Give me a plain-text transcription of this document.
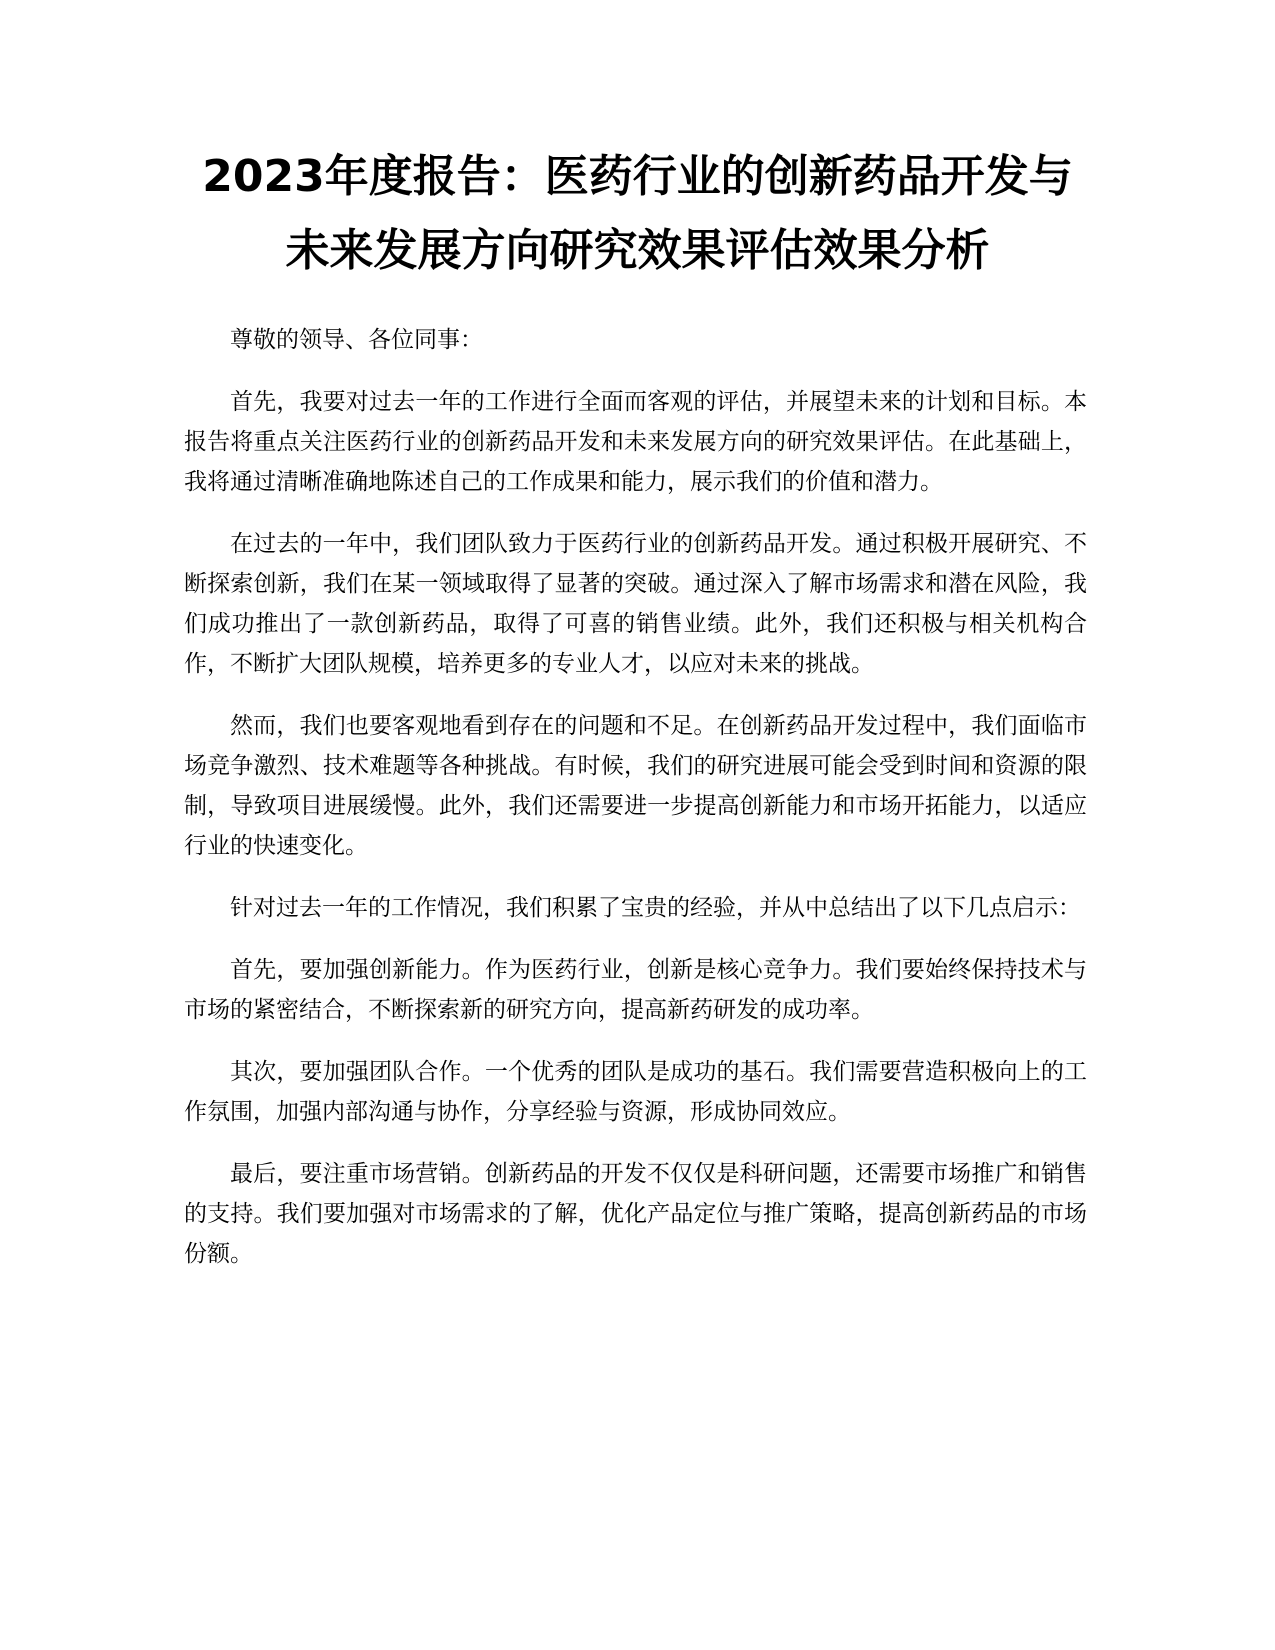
2023年度报告：医药行业的创新药品开发与
未来发展方向研究效果评估效果分析

尊敬的领导、各位同事：

首先，我要对过去一年的工作进行全面而客观的评估，并展望未来的计划和目标。本报告将重点关注医药行业的创新药品开发和未来发展方向的研究效果评估。在此基础上，我将通过清晰准确地陈述自己的工作成果和能力，展示我们的价值和潜力。

在过去的一年中，我们团队致力于医药行业的创新药品开发。通过积极开展研究、不断探索创新，我们在某一领域取得了显著的突破。通过深入了解市场需求和潜在风险，我们成功推出了一款创新药品，取得了可喜的销售业绩。此外，我们还积极与相关机构合作，不断扩大团队规模，培养更多的专业人才，以应对未来的挑战。

然而，我们也要客观地看到存在的问题和不足。在创新药品开发过程中，我们面临市场竞争激烈、技术难题等各种挑战。有时候，我们的研究进展可能会受到时间和资源的限制，导致项目进展缓慢。此外，我们还需要进一步提高创新能力和市场开拓能力，以适应行业的快速变化。

针对过去一年的工作情况，我们积累了宝贵的经验，并从中总结出了以下几点启示：

首先，要加强创新能力。作为医药行业，创新是核心竞争力。我们要始终保持技术与市场的紧密结合，不断探索新的研究方向，提高新药研发的成功率。

其次，要加强团队合作。一个优秀的团队是成功的基石。我们需要营造积极向上的工作氛围，加强内部沟通与协作，分享经验与资源，形成协同效应。

最后，要注重市场营销。创新药品的开发不仅仅是科研问题，还需要市场推广和销售的支持。我们要加强对市场需求的了解，优化产品定位与推广策略，提高创新药品的市场份额。
